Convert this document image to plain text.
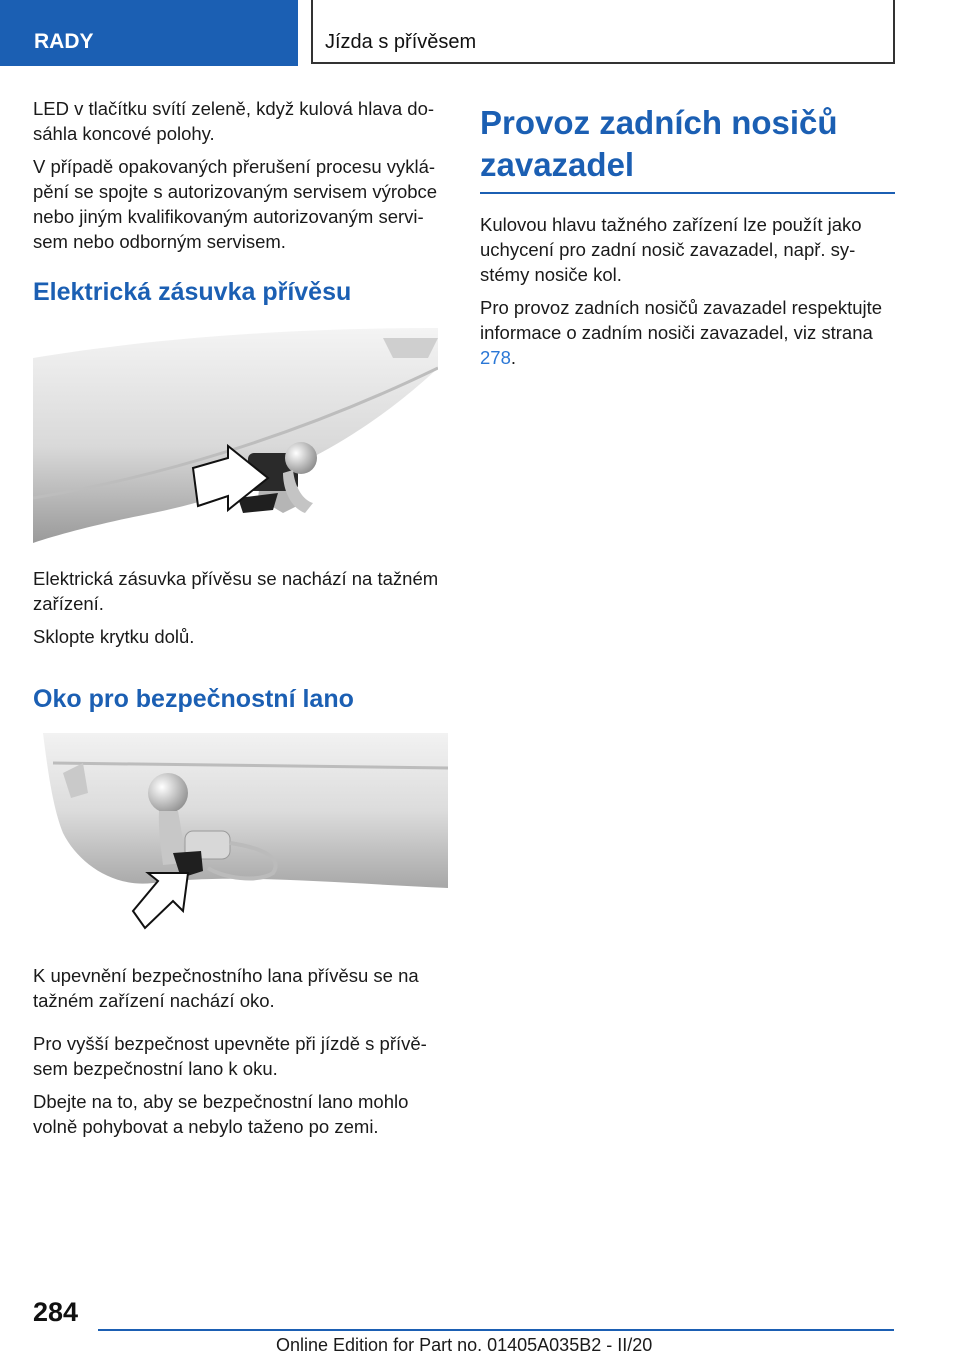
RADY	Jízda s přívěsem

LED v tlačítku svítí zeleně, když kulová hlava do-sáhla koncové polohy.

V případě opakovaných přerušení procesu vyklá-pění se spojte s autorizovaným servisem výrobce nebo jiným kvalifikovaným autorizovaným servi-sem nebo odborným servisem.

Elektrická zásuvka přívěsu

Elektrická zásuvka přívěsu se nachází na tažném zařízení.

Sklopte krytku dolů.

Oko pro bezpečnostní lano

K upevnění bezpečnostního lana přívěsu se na tažném zařízení nachází oko.

Pro vyšší bezpečnost upevněte při jízdě s přívě-sem bezpečnostní lano k oku.

Dbejte na to, aby se bezpečnostní lano mohlo volně pohybovat a nebylo taženo po zemi.

Provoz zadních nosičů
zavazadel

Kulovou hlavu tažného zařízení lze použít jako uchycení pro zadní nosič zavazadel, např. sy-stémy nosiče kol.

Pro provoz zadních nosičů zavazadel respektujte informace o zadním nosiči zavazadel, viz strana 278.

284
Online Edition for Part no. 01405A035B2 - II/20
